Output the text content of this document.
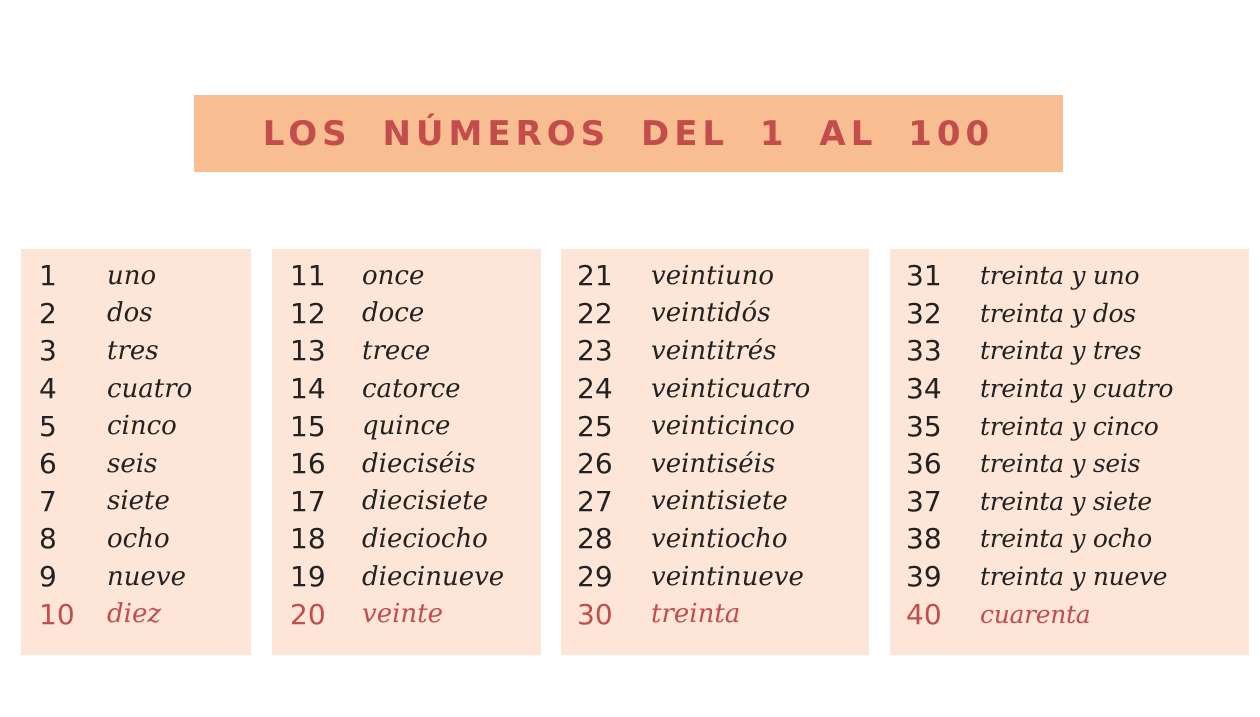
LOS NÚMEROS DEL 1 AL 100
1	uno
2	dos
3	tres
4	cuatro
5	cinco
6	seis
7	siete
8	ocho
9	nueve
10	diez
11	once
12	doce
13	trece
14	catorce
15	quince
16	dieciséis
17	diecisiete
18	dieciocho
19	diecinueve
20	veinte
21	veintiuno
22	veintidós
23	veintitrés
24	veinticuatro
25	veinticinco
26	veintiséis
27	veintisiete
28	veintiocho
29	veintinueve
30	treinta
31	treinta y uno
32	treinta y dos
33	treinta y tres
34	treinta y cuatro
35	treinta y cinco
36	treinta y seis
37	treinta y siete
38	treinta y ocho
39	treinta y nueve
40	cuarenta
